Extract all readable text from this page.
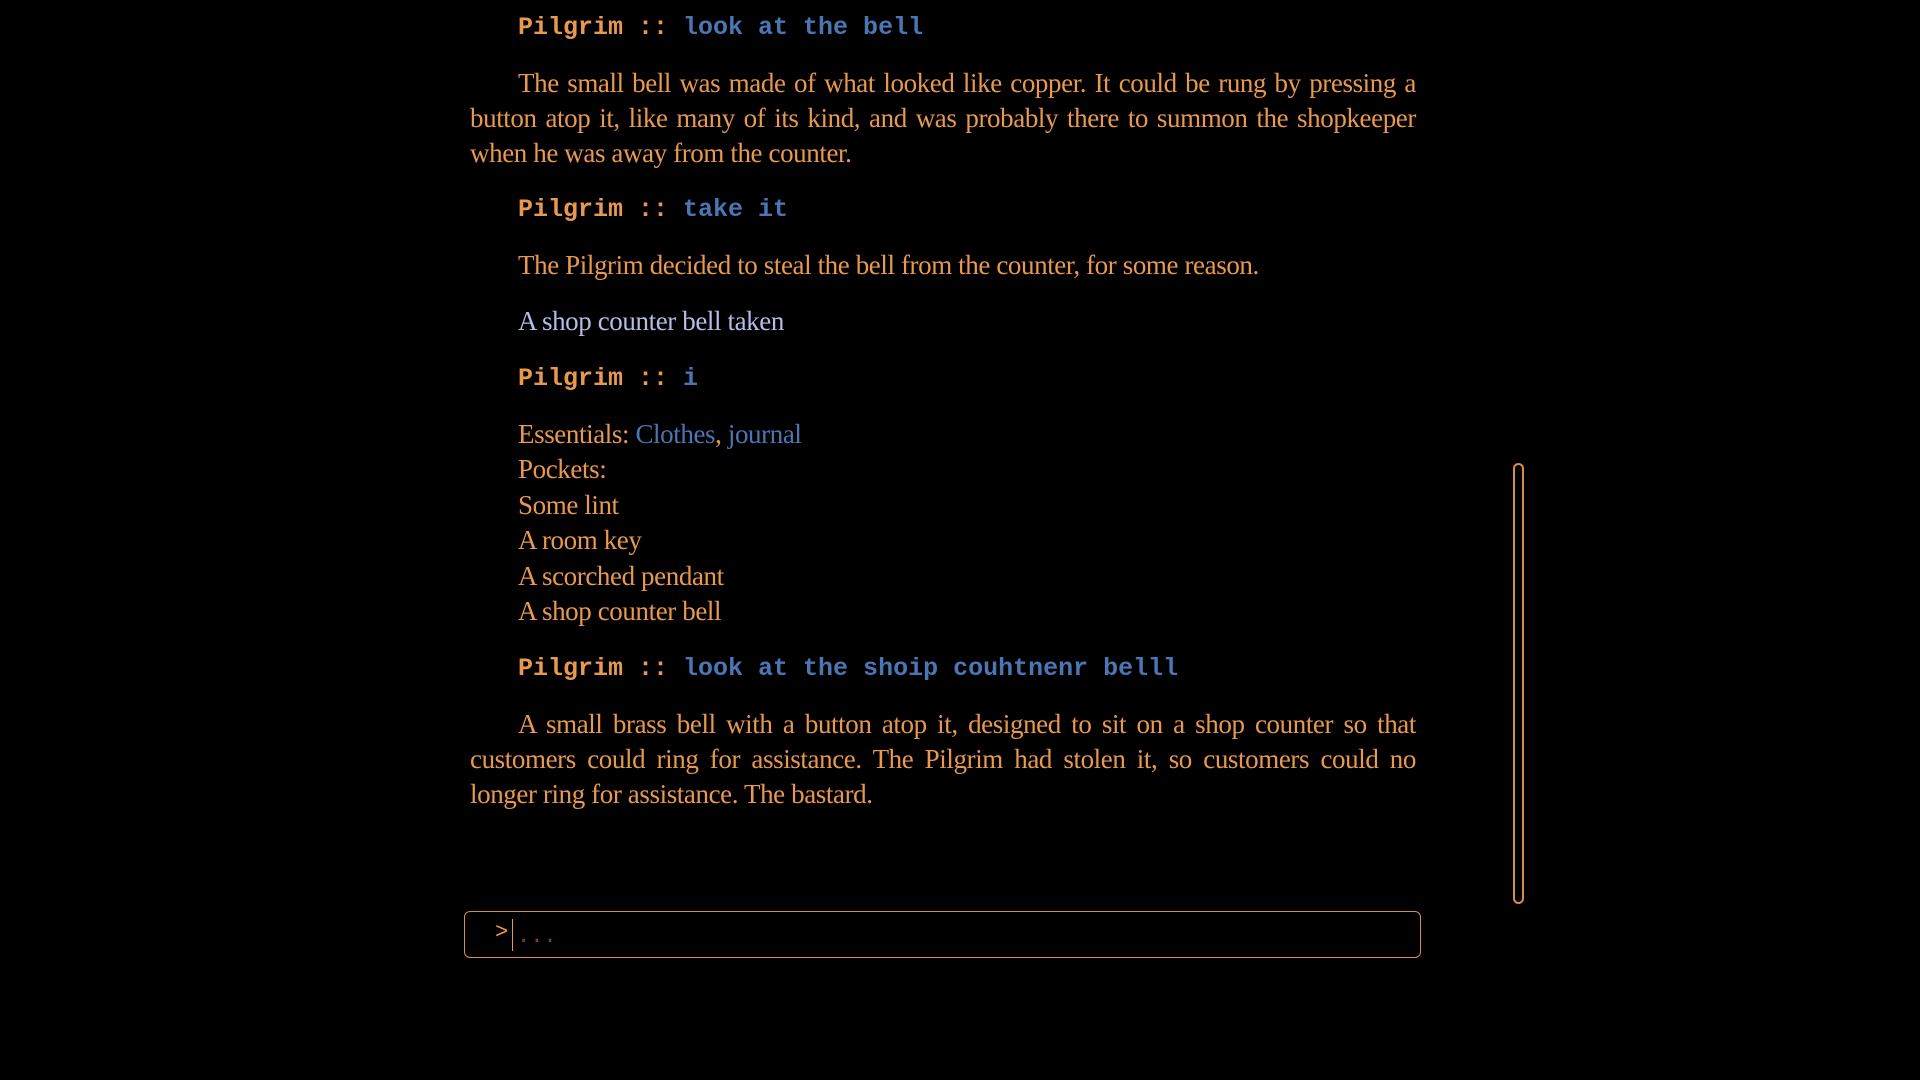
Pilgrim :: look at the bell
The small bell was made of what looked like copper. It could be rung by pressing a button atop it, like many of its kind, and was probably there to summon the shopkeeper when he was away from the counter.
Pilgrim :: take it
The Pilgrim decided to steal the bell from the counter, for some reason.
A shop counter bell taken
Pilgrim :: i
Essentials: Clothes, journal
Pockets:
Some lint
A room key
A scorched pendant
A shop counter bell
Pilgrim :: look at the shoip couhtnenr belll
A small brass bell with a button atop it, designed to sit on a shop counter so that customers could ring for assistance. The Pilgrim had stolen it, so customers could no longer ring for assistance. The bastard.
>
...
